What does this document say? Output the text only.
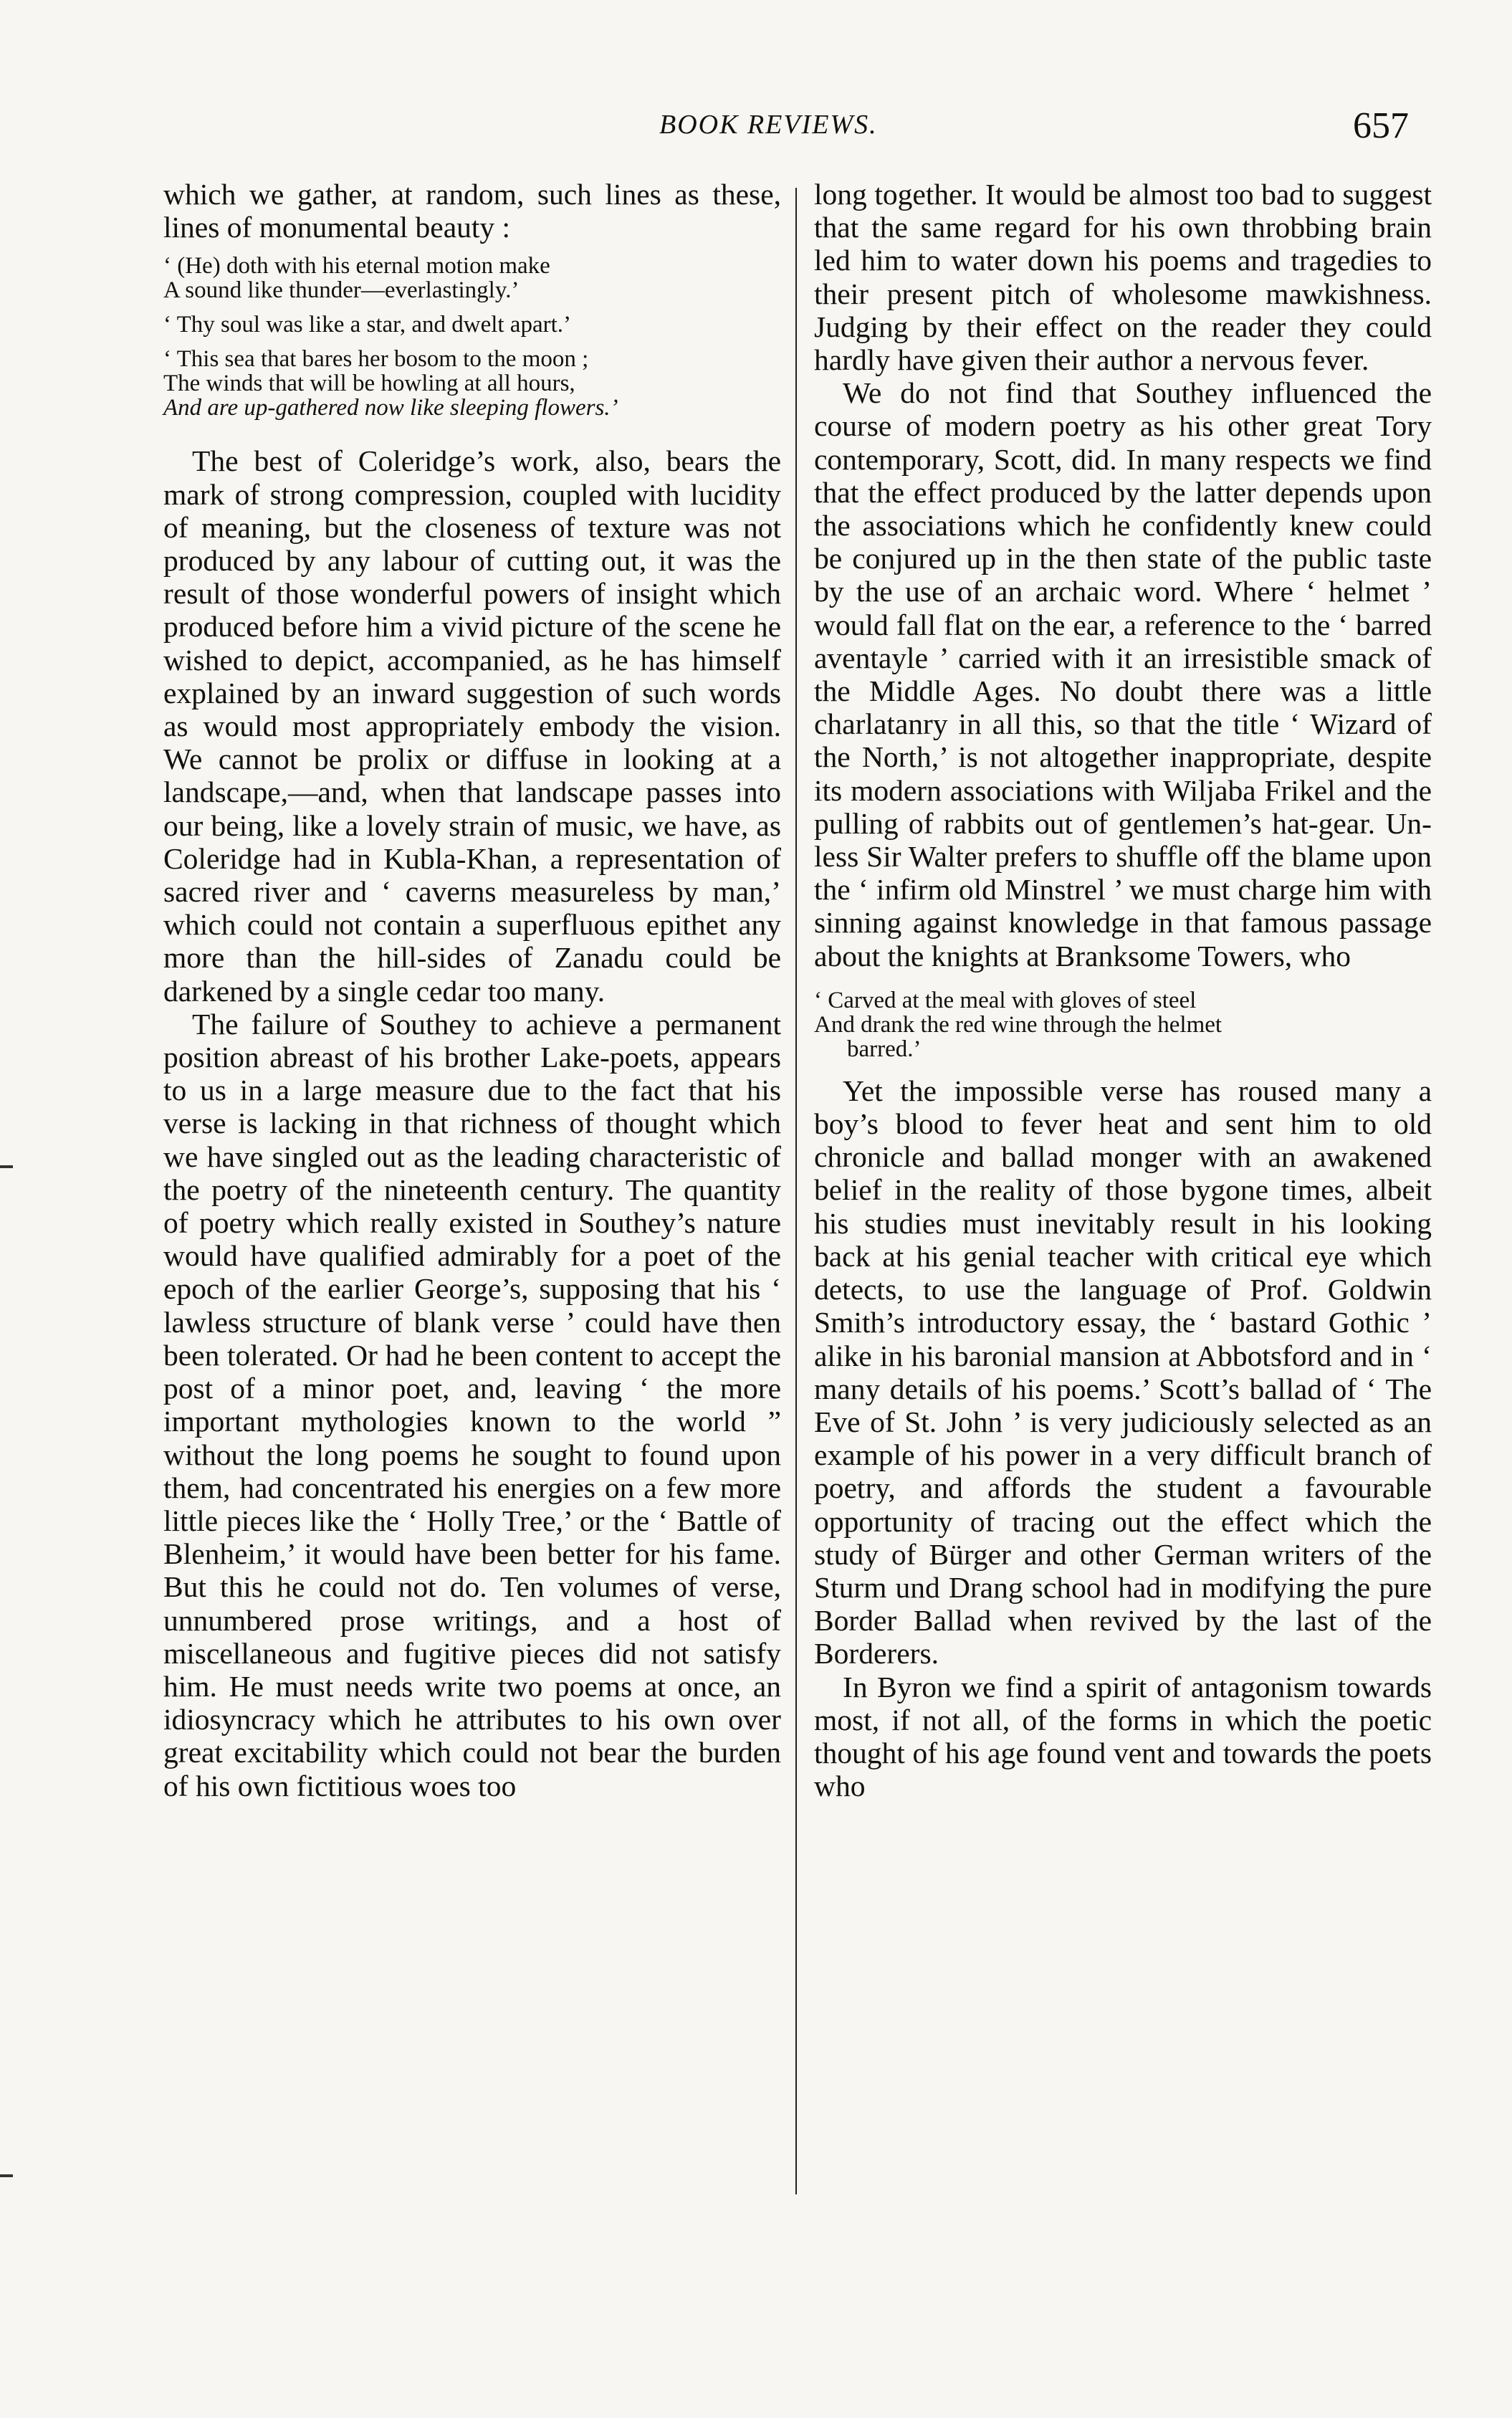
BOOK REVIEWS.	657

which we gather, at random, such lines as these, lines of monumental beauty :

‘ (He) doth with his eternal motion make
A sound like thunder—everlastingly.’
‘ Thy soul was like a star, and dwelt apart.’
‘ This sea that bares her bosom to the moon ;
The winds that will be howling at all hours,
And are up-gathered now like sleeping flowers.’

The best of Coleridge’s work, also, bears the mark of strong compression, coupled with lucidity of meaning, but the closeness of texture was not produced by any labour of cutting out, it was the result of those wonderful powers of insight which produced before him a vivid picture of the scene he wished to depict, accompanied, as he has himself explained by an inward suggestion of such words as would most appropriately embody the vision. We cannot be prolix or diffuse in looking at a landscape,—and, when that landscape passes into our being, like a lovely strain of music, we have, as Coleridge had in Kubla-Khan, a representation of sacred river and ‘ caverns measureless by man,’ which could not contain a superfluous epithet any more than the hill-sides of Zanadu could be darkened by a single cedar too many.

The failure of Southey to achieve a permanent position abreast of his brother Lake-poets, appears to us in a large measure due to the fact that his verse is lacking in that richness of thought which we have singled out as the leading characteristic of the poetry of the nineteenth century. The quantity of poetry which really existed in Southey’s nature would have qualified admirably for a poet of the epoch of the earlier George’s, supposing that his ‘ lawless structure of blank verse ’ could have then been tolerated. Or had he been content to accept the post of a minor poet, and, leaving ‘ the more important mythologies known to the world ” without the long poems he sought to found upon them, had concentrated his energies on a few more little pieces like the ‘ Holly Tree,’ or the ‘ Battle of Blenheim,’ it would have been better for his fame. But this he could not do. Ten volumes of verse, unnumbered prose writings, and a host of miscellaneous and fugitive pieces did not satisfy him. He must needs write two poems at once, an idiosyncracy which he attributes to his own over great excitability which could not bear the burden of his own fictitious woes too

long together. It would be almost too bad to suggest that the same regard for his own throbbing brain led him to water down his poems and tragedies to their present pitch of wholesome mawkishness. Judging by their effect on the reader they could hardly have given their author a nervous fever.

We do not find that Southey influenced the course of modern poetry as his other great Tory contemporary, Scott, did. In many respects we find that the effect produced by the latter depends upon the associations which he confidently knew could be conjured up in the then state of the public taste by the use of an archaic word. Where ‘ helmet ’ would fall flat on the ear, a reference to the ‘ barred aventayle ’ carried with it an irresistible smack of the Middle Ages. No doubt there was a little charlatanry in all this, so that the title ‘ Wizard of the North,’ is not altogether inappropriate, despite its modern associations with Wiljaba Frikel and the pulling of rabbits out of gentlemen’s hat-gear. Unless Sir Walter prefers to shuffle off the blame upon the ‘ infirm old Minstrel ’ we must charge him with sinning against knowledge in that famous passage about the knights at Branksome Towers, who

‘ Carved at the meal with gloves of steel
And drank the red wine through the helmet
barred.’

Yet the impossible verse has roused many a boy’s blood to fever heat and sent him to old chronicle and ballad monger with an awakened belief in the reality of those bygone times, albeit his studies must inevitably result in his looking back at his genial teacher with critical eye which detects, to use the language of Prof. Goldwin Smith’s introductory essay, the ‘ bastard Gothic ’ alike in his baronial mansion at Abbotsford and in ‘ many details of his poems.’ Scott’s ballad of ‘ The Eve of St. John ’ is very judiciously selected as an example of his power in a very difficult branch of poetry, and affords the student a favourable opportunity of tracing out the effect which the study of Bürger and other German writers of the Sturm und Drang school had in modifying the pure Border Ballad when revived by the last of the Borderers.

In Byron we find a spirit of antagonism towards most, if not all, of the forms in which the poetic thought of his age found vent and towards the poets who
